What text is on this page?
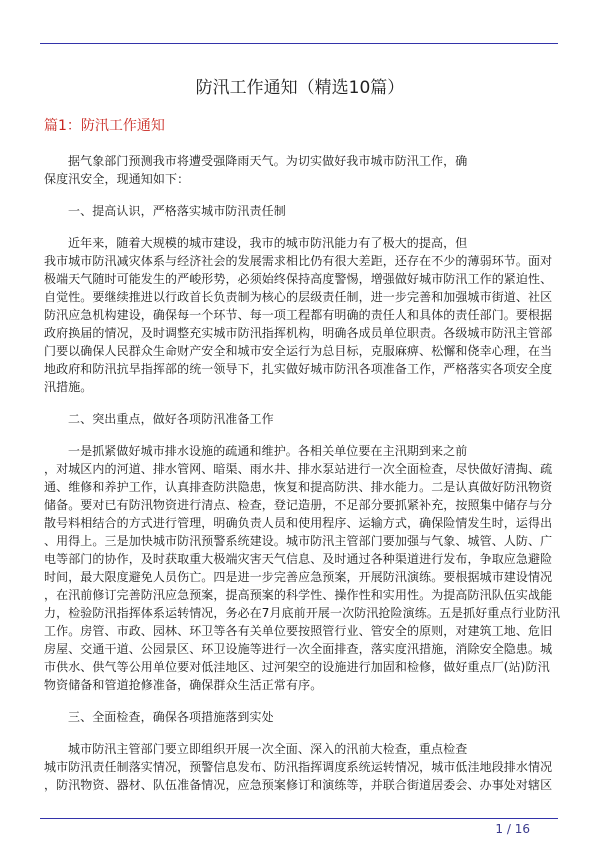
防汛工作通知（精选10篇）
篇1：防汛工作通知
据气象部门预测我市将遭受强降雨天气。为切实做好我市城市防汛工作，确
保度汛安全，现通知如下：
一、提高认识，严格落实城市防汛责任制
近年来，随着大规模的城市建设，我市的城市防汛能力有了极大的提高，但
我市城市防汛减灾体系与经济社会的发展需求相比仍有很大差距，还存在不少的薄弱环节。面对
极端天气随时可能发生的严峻形势，必须始终保持高度警惕，增强做好城市防汛工作的紧迫性、
自觉性。要继续推进以行政首长负责制为核心的层级责任制，进一步完善和加强城市街道、社区
防汛应急机构建设，确保每一个环节、每一项工程都有明确的责任人和具体的责任部门。要根据
政府换届的情况，及时调整充实城市防汛指挥机构，明确各成员单位职责。各级城市防汛主管部
门要以确保人民群众生命财产安全和城市安全运行为总目标，克服麻痹、松懈和侥幸心理，在当
地政府和防汛抗旱指挥部的统一领导下，扎实做好城市防汛各项准备工作，严格落实各项安全度
汛措施。
二、突出重点，做好各项防汛准备工作
一是抓紧做好城市排水设施的疏通和维护。各相关单位要在主汛期到来之前
，对城区内的河道、排水管网、暗渠、雨水井、排水泵站进行一次全面检查，尽快做好清掏、疏
通、维修和养护工作，认真排查防洪隐患，恢复和提高防洪、排水能力。二是认真做好防汛物资
储备。要对已有防汛物资进行清点、检查，登记造册，不足部分要抓紧补充，按照集中储存与分
散号料相结合的方式进行管理，明确负责人员和使用程序、运输方式，确保险情发生时，运得出
、用得上。三是加快城市防汛预警系统建设。城市防汛主管部门要加强与气象、城管、人防、广
电等部门的协作，及时获取重大极端灾害天气信息、及时通过各种渠道进行发布，争取应急避险
时间，最大限度避免人员伤亡。四是进一步完善应急预案，开展防汛演练。要根据城市建设情况
，在汛前修订完善防汛应急预案，提高预案的科学性、操作性和实用性。为提高防汛队伍实战能
力，检验防汛指挥体系运转情况，务必在7月底前开展一次防汛抢险演练。五是抓好重点行业防汛
工作。房管、市政、园林、环卫等各有关单位要按照管行业、管安全的原则，对建筑工地、危旧
房屋、交通干道、公园景区、环卫设施等进行一次全面排查，落实度汛措施，消除安全隐患。城
市供水、供气等公用单位要对低洼地区、过河架空的设施进行加固和检修，做好重点厂(站)防汛
物资储备和管道抢修准备，确保群众生活正常有序。
三、全面检查，确保各项措施落到实处
城市防汛主管部门要立即组织开展一次全面、深入的汛前大检查，重点检查
城市防汛责任制落实情况，预警信息发布、防汛指挥调度系统运转情况，城市低洼地段排水情况
，防汛物资、器材、队伍准备情况，应急预案修订和演练等，并联合街道居委会、办事处对辖区
1 / 16
